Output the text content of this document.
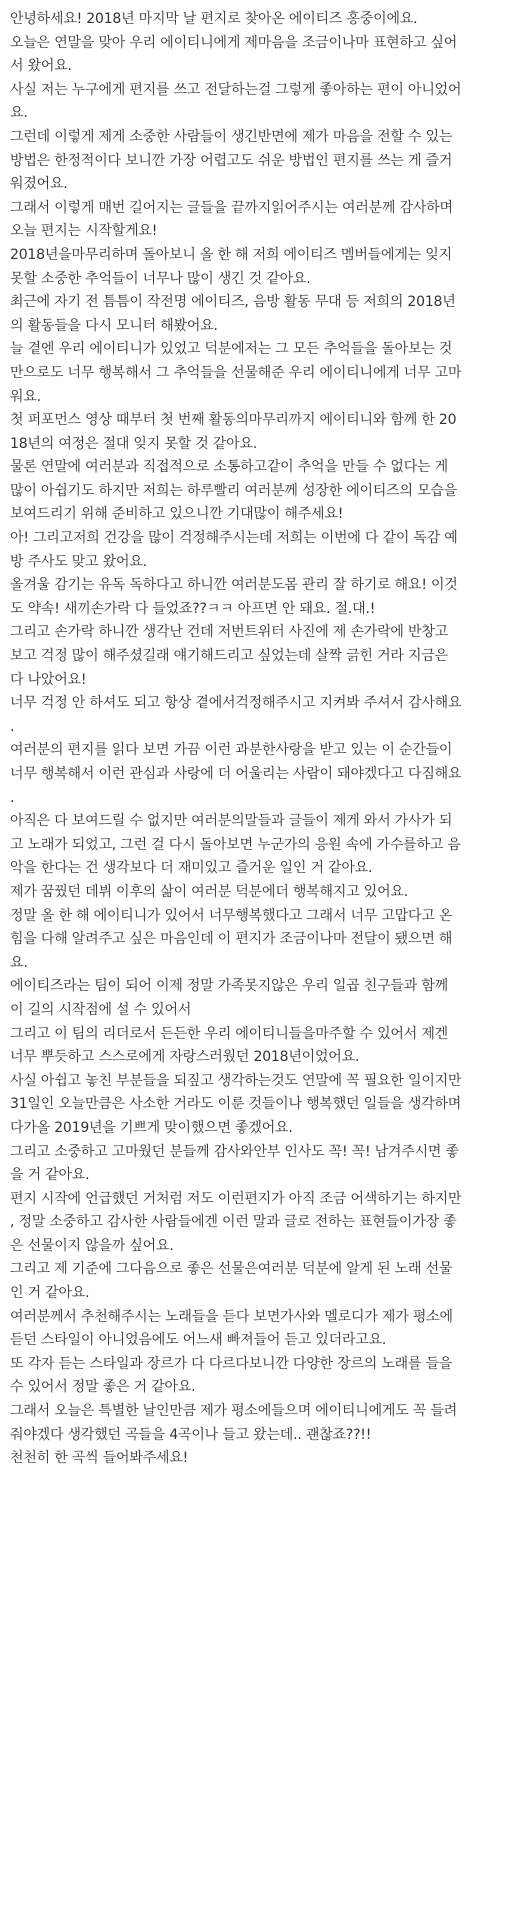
안녕하세요! 2018년 마지막 날 편지로 찾아온 에이티즈 홍중이에요.

오늘은 연말을 맞아 우리 에이티니에게 제마음을 조금이나마 표현하고 싶어
서 왔어요.

사실 저는 누구에게 편지를 쓰고 전달하는걸 그렇게 좋아하는 편이 아니었어
요.

그런데 이렇게 제게 소중한 사람들이 생긴반면에 제가 마음을 전할 수 있는
방법은 한정적이다 보니깐 가장 어렵고도 쉬운 방법인 편지를 쓰는 게 즐거
워졌어요.

그래서 이렇게 매번 길어지는 글들을 끝까지읽어주시는 여러분께 감사하며
오늘 편지는 시작할게요!

2018년을마무리하며 돌아보니 올 한 해 저희 에이티즈 멤버들에게는 잊지
못할 소중한 추억들이 너무나 많이 생긴 것 같아요.

최근에 자기 전 틈틈이 작전명 에이티즈, 음방 활동 무대 등 저희의 2018년
의 활동들을 다시 모니터 해봤어요.

늘 곁엔 우리 에이티니가 있었고 덕분에저는 그 모든 추억들을 돌아보는 것
만으로도 너무 행복해서 그 추억들을 선물해준 우리 에이티니에게 너무 고마
워요.

첫 퍼포먼스 영상 때부터 첫 번째 활동의마무리까지 에이티니와 함께 한 20
18년의 여정은 절대 잊지 못할 것 같아요.

물론 연말에 여러분과 직접적으로 소통하고같이 추억을 만들 수 없다는 게
많이 아쉽기도 하지만 저희는 하루빨리 여러분께 성장한 에이티즈의 모습을
보여드리기 위해 준비하고 있으니깐 기대많이 해주세요!

아! 그리고저희 건강을 많이 걱정해주시는데 저희는 이번에 다 같이 독감 예
방 주사도 맞고 왔어요.

올겨울 감기는 유독 독하다고 하니깐 여러분도몸 관리 잘 하기로 해요! 이것
도 약속! 새끼손가락 다 들었죠??ㅋㅋ 아프면 안 돼요. 절.대.!

그리고 손가락 하니깐 생각난 건데 저번트위터 사진에 제 손가락에 반창고
보고 걱정 많이 해주셨길래 얘기해드리고 싶었는데 살짝 긁힌 거라 지금은
다 나았어요!

너무 걱정 안 하셔도 되고 항상 곁에서걱정해주시고 지켜봐 주셔서 감사해요
.

여러분의 편지를 읽다 보면 가끔 이런 과분한사랑을 받고 있는 이 순간들이
너무 행복해서 이런 관심과 사랑에 더 어울리는 사람이 돼야겠다고 다짐해요
.

아직은 다 보여드릴 수 없지만 여러분의말들과 글들이 제게 와서 가사가 되
고 노래가 되었고, 그런 걸 다시 돌아보면 누군가의 응원 속에 가수를하고 음
악을 한다는 건 생각보다 더 재미있고 즐거운 일인 거 같아요.

제가 꿈꿨던 데뷔 이후의 삶이 여러분 덕분에더 행복해지고 있어요.

정말 올 한 해 에이티니가 있어서 너무행복했다고 그래서 너무 고맙다고 온
힘을 다해 알려주고 싶은 마음인데 이 편지가 조금이나마 전달이 됐으면 해
요.

에이티즈라는 팀이 되어 이제 정말 가족못지않은 우리 일곱 친구들과 함께
이 길의 시작점에 설 수 있어서

그리고 이 팀의 리더로서 든든한 우리 에이티니들을마주할 수 있어서 제겐
너무 뿌듯하고 스스로에게 자랑스러웠던 2018년이었어요.

사실 아쉽고 놓친 부분들을 되짚고 생각하는것도 연말에 꼭 필요한 일이지만
31일인 오늘만큼은 사소한 거라도 이룬 것들이나 행복했던 일들을 생각하며
다가올 2019년을 기쁘게 맞이했으면 좋겠어요.

그리고 소중하고 고마웠던 분들께 감사와안부 인사도 꼭! 꼭! 남겨주시면 좋
을 거 같아요.

편지 시작에 언급했던 거처럼 저도 이런편지가 아직 조금 어색하기는 하지만
, 정말 소중하고 감사한 사람들에겐 이런 말과 글로 전하는 표현들이가장 좋
은 선물이지 않을까 싶어요.

그리고 제 기준에 그다음으로 좋은 선물은여러분 덕분에 알게 된 노래 선물
인 거 같아요.

여러분께서 추천해주시는 노래들을 듣다 보면가사와 멜로디가 제가 평소에
듣던 스타일이 아니었음에도 어느새 빠져들어 듣고 있더라고요.

또 각자 듣는 스타일과 장르가 다 다르다보니깐 다양한 장르의 노래를 들을
수 있어서 정말 좋은 거 같아요.

그래서 오늘은 특별한 날인만큼 제가 평소에들으며 에이티니에게도 꼭 들려
줘야겠다 생각했던 곡들을 4곡이나 들고 왔는데.. 괜찮죠??!!

천천히 한 곡씩 들어봐주세요!
